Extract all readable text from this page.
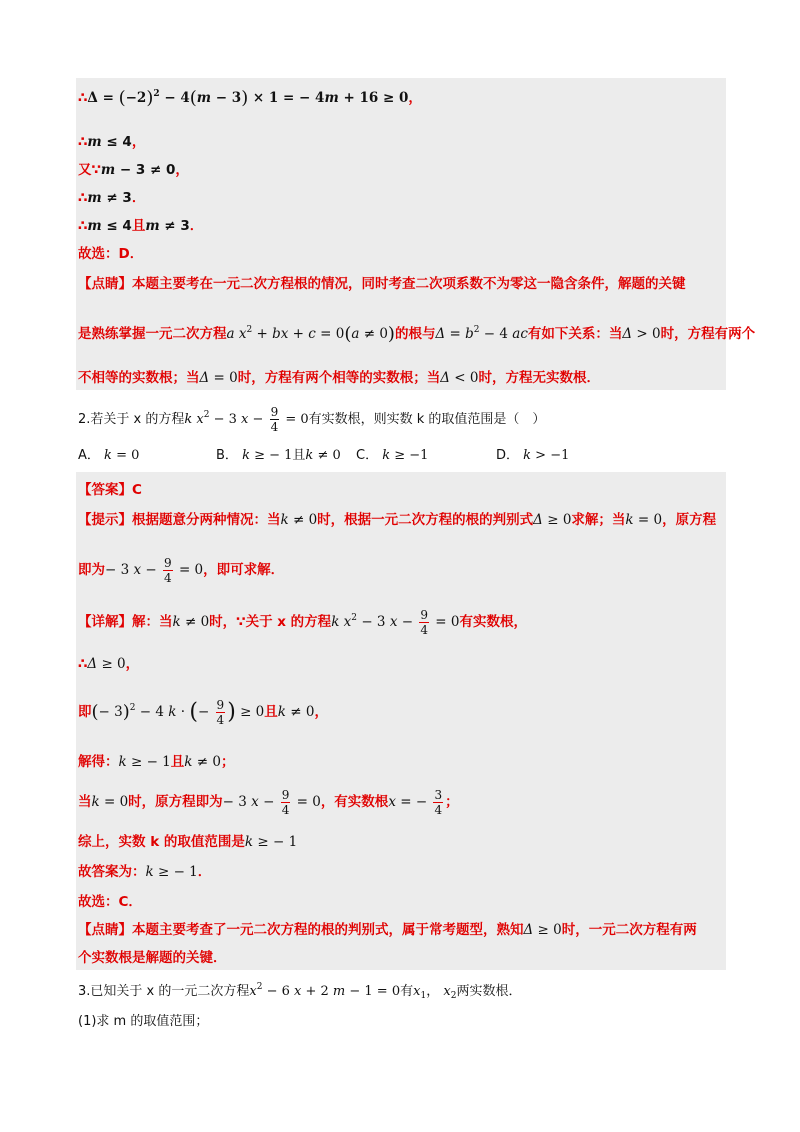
∴Δ = $(-2)^2 - 4(m - 3) \times 1$ = − 4m + 16 ≥ 0，
∴m ≤ 4，
又∵m − 3 ≠ 0，
∴m ≠ 3．
∴m ≤ 4且m ≠ 3．
故选：D．
【点睛】本题主要考在一元二次方程根的情况，同时考查二次项系数不为零这一隐含条件，解题的关键
是熟练掌握一元二次方程a $x^2$ + bx + c = 0(a ≠ 0)的根与$\Delta = b^2 - 4$ ac有如下关系：当Δ > 0时，方程有两个
不相等的实数根；当Δ = 0时，方程有两个相等的实数根；当Δ < 0时，方程无实数根．
2.若关于 x 的方程k $x^2 - 3$ $x - \frac{9}{4} = 0$有实数根，则实数 k 的取值范围是（　）
A． k = 0	B． k ≥ − 1且k ≠ 0 C． k ≥ −1	D． k > −1
【答案】C
【提示】根据题意分两种情况：当k ≠ 0时，根据一元二次方程的根的判别式Δ ≥ 0求解；当k = 0，原方程
即为− 3 $x - \frac{9}{4} = 0$，即可求解．
【详解】解：当k ≠ 0时，∵关于 x 的方程k $x^2 - 3$ $x - \frac{9}{4} = 0$有实数根，
∴Δ ≥ 0，
即(− 3)$^2$ − 4 k · (− $\frac{9}{4}$ ) ≥ 0且k ≠ 0，
解得：k ≥ − 1且k ≠ 0；
当k = 0时，原方程即为− 3 $x - \frac{9}{4} = 0$，有实数根x = − $\frac{3}{4}$ ；
综上，实数 k 的取值范围是k ≥ − 1
故答案为：k ≥ − 1．
故选：C．
【点睛】本题主要考查了一元二次方程的根的判别式，属于常考题型，熟知Δ ≥ 0时，一元二次方程有两
个实数根是解题的关键．
3.已知关于 x 的一元二次方程$x^2 - 6$ x + 2 m − 1 = 0有$x_1$， $x_2$两实数根．
(1)求 m 的取值范围；
